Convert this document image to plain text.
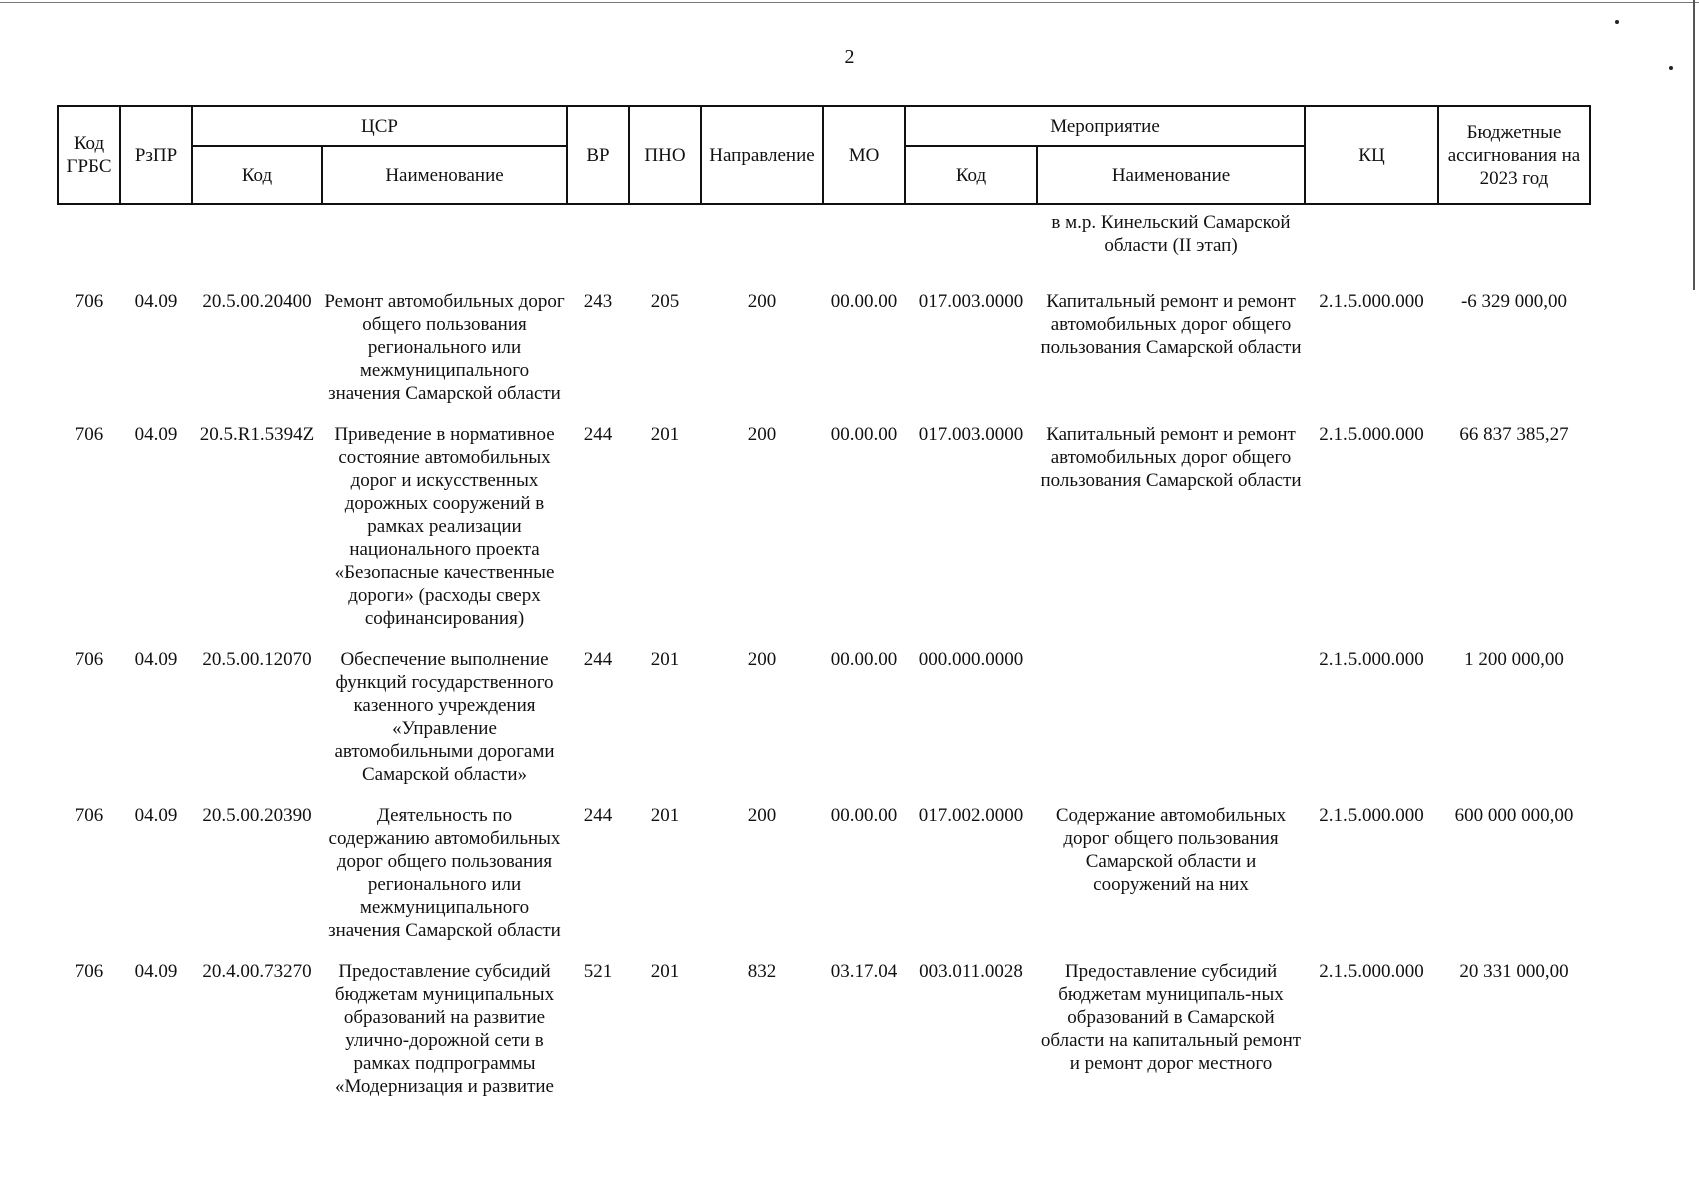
2
Код ГРБС	РзПР	ЦСР		ВР	ПНО	Направление	МО	Мероприятие		КЦ	Бюджетные ассигнования на 2023 год
		Код	Наименование					Код	Наименование		
									в м.р. Кинельский Самарской области (II этап)		
706	04.09	20.5.00.20400	Ремонт автомобильных дорог общего пользования регионального или межмуниципального значения Самарской области	243	205	200	00.00.00	017.003.0000	Капитальный ремонт и ремонт автомобильных дорог общего пользования Самарской области	2.1.5.000.000	-6 329 000,00
706	04.09	20.5.R1.5394Z	Приведение в нормативное состояние автомобильных дорог и искусственных дорожных сооружений в рамках реализации национального проекта «Безопасные качественные дороги» (расходы сверх софинансирования)	244	201	200	00.00.00	017.003.0000	Капитальный ремонт и ремонт автомобильных дорог общего пользования Самарской области	2.1.5.000.000	66 837 385,27
706	04.09	20.5.00.12070	Обеспечение выполнение функций государственного казенного учреждения «Управление автомобильными дорогами Самарской области»	244	201	200	00.00.00	000.000.0000		2.1.5.000.000	1 200 000,00
706	04.09	20.5.00.20390	Деятельность по содержанию автомобильных дорог общего пользования регионального или межмуниципального значения Самарской области	244	201	200	00.00.00	017.002.0000	Содержание автомобильных дорог общего пользования Самарской области и сооружений на них	2.1.5.000.000	600 000 000,00
706	04.09	20.4.00.73270	Предоставление субсидий бюджетам муниципальных образований на развитие улично-дорожной сети в рамках подпрограммы «Модернизация и развитие	521	201	832	03.17.04	003.011.0028	Предоставление субсидий бюджетам муниципаль-ных образований в Самарской области на капитальный ремонт и ремонт дорог местного	2.1.5.000.000	20 331 000,00
